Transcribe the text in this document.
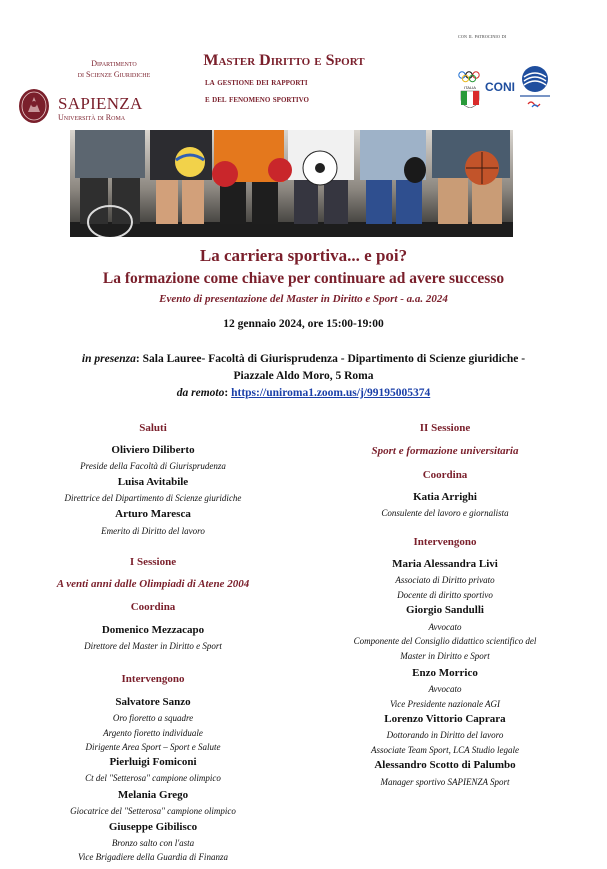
Dipartimento
di Scienze Giuridiche
SAPIENZA
Università di Roma
Master Diritto e Sport
la gestione dei rapporti
e del fenomeno sportivo
con il patrocinio di
ITALIA CONI
La carriera sportiva... e poi?
La formazione come chiave per continuare ad avere successo
Evento di presentazione del Master in Diritto e Sport - a.a. 2024
12 gennaio 2024, ore 15:00-19:00
in presenza: Sala Lauree- Facoltà di Giurisprudenza - Dipartimento di Scienze giuridiche -
Piazzale Aldo Moro, 5 Roma
da remoto: https://uniroma1.zoom.us/j/99195005374
Saluti
Oliviero Diliberto
Preside della Facoltà di Giurisprudenza
Luisa Avitabile
Direttrice del Dipartimento di Scienze giuridiche
Arturo Maresca
Emerito di Diritto del lavoro
I Sessione
A venti anni dalle Olimpiadi di Atene 2004
Coordina
Domenico Mezzacapo
Direttore del Master in Diritto e Sport
Intervengono
Salvatore Sanzo
Oro fioretto a squadre
Argento fioretto individuale
Dirigente Area Sport – Sport e Salute
Pierluigi Fomiconi
Ct del "Setterosa" campione olimpico
Melania Grego
Giocatrice del "Setterosa" campione olimpico
Giuseppe Gibilisco
Bronzo salto con l'asta
Vice Brigadiere della Guardia di Finanza
II Sessione
Sport e formazione universitaria
Coordina
Katia Arrighi
Consulente del lavoro e giornalista
Intervengono
Maria Alessandra Livi
Associato di Diritto privato
Docente di diritto sportivo
Giorgio Sandulli
Avvocato
Componente del Consiglio didattico scientifico del
Master in Diritto e Sport
Enzo Morrico
Avvocato
Vice Presidente nazionale AGI
Lorenzo Vittorio Caprara
Dottorando in Diritto del lavoro
Associate Team Sport, LCA Studio legale
Alessandro Scotto di Palumbo
Manager sportivo SAPIENZA Sport
